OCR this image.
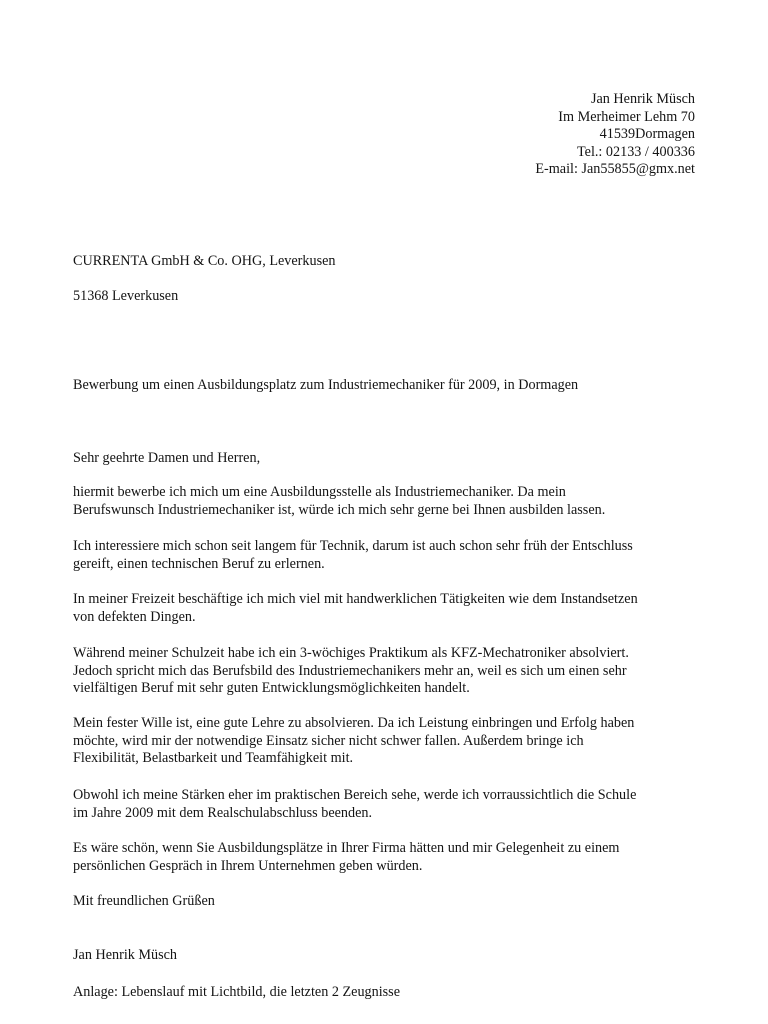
Jan Henrik Müsch
Im Merheimer Lehm 70
41539Dormagen
Tel.: 02133 / 400336
E-mail: Jan55855@gmx.net
CURRENTA GmbH & Co. OHG, Leverkusen
51368 Leverkusen
Bewerbung um einen Ausbildungsplatz zum Industriemechaniker für 2009, in Dormagen
Sehr geehrte Damen und Herren,
hiermit bewerbe ich mich um eine Ausbildungsstelle als Industriemechaniker. Da mein
Berufswunsch Industriemechaniker ist, würde ich mich sehr gerne bei Ihnen ausbilden lassen.
Ich interessiere mich schon seit langem für Technik, darum ist auch schon sehr früh der Entschluss
gereift, einen technischen Beruf zu erlernen.
In meiner Freizeit beschäftige ich mich viel mit handwerklichen Tätigkeiten wie dem Instandsetzen
von defekten Dingen.
Während meiner Schulzeit habe ich ein 3-wöchiges Praktikum als KFZ-Mechatroniker absolviert.
Jedoch spricht mich das Berufsbild des Industriemechanikers mehr an, weil es sich um einen sehr
vielfältigen Beruf mit sehr guten Entwicklungsmöglichkeiten handelt.
Mein fester Wille ist, eine gute Lehre zu absolvieren. Da ich Leistung einbringen und Erfolg haben
möchte, wird mir der notwendige Einsatz sicher nicht schwer fallen. Außerdem bringe ich
Flexibilität, Belastbarkeit und Teamfähigkeit mit.
Obwohl ich meine Stärken eher im praktischen Bereich sehe, werde ich vorraussichtlich die Schule
im Jahre 2009 mit dem Realschulabschluss beenden.
Es wäre schön, wenn Sie Ausbildungsplätze in Ihrer Firma hätten und mir Gelegenheit zu einem
persönlichen Gespräch in Ihrem Unternehmen geben würden.
Mit freundlichen Grüßen
Jan Henrik Müsch
Anlage: Lebenslauf mit Lichtbild, die letzten 2 Zeugnisse
